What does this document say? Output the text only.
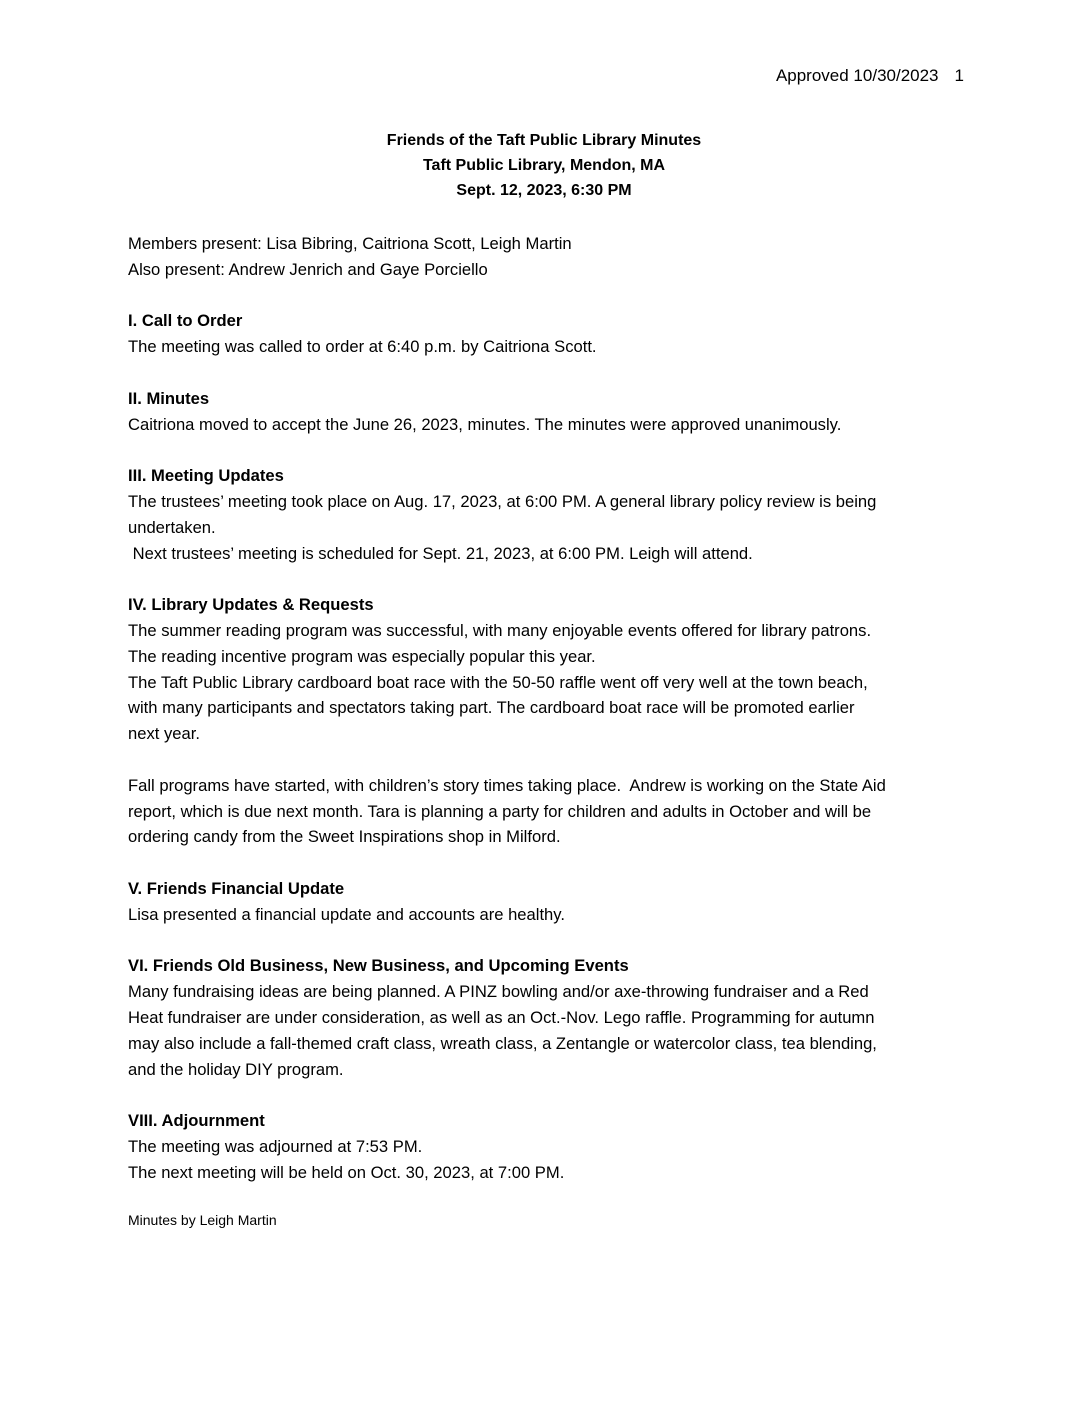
Approved 10/30/2023 1
Friends of the Taft Public Library Minutes
Taft Public Library, Mendon, MA
Sept. 12, 2023, 6:30 PM
Members present: Lisa Bibring, Caitriona Scott, Leigh Martin
Also present: Andrew Jenrich and Gaye Porciello
I. Call to Order
The meeting was called to order at 6:40 p.m. by Caitriona Scott.
II. Minutes
Caitriona moved to accept the June 26, 2023, minutes. The minutes were approved unanimously.
III. Meeting Updates
The trustees’ meeting took place on Aug. 17, 2023, at 6:00 PM. A general library policy review is being
undertaken.
Next trustees’ meeting is scheduled for Sept. 21, 2023, at 6:00 PM. Leigh will attend.
IV. Library Updates & Requests
The summer reading program was successful, with many enjoyable events offered for library patrons.
The reading incentive program was especially popular this year.
The Taft Public Library cardboard boat race with the 50-50 raffle went off very well at the town beach,
with many participants and spectators taking part. The cardboard boat race will be promoted earlier
next year.
Fall programs have started, with children’s story times taking place.  Andrew is working on the State Aid
report, which is due next month. Tara is planning a party for children and adults in October and will be
ordering candy from the Sweet Inspirations shop in Milford.
V. Friends Financial Update
Lisa presented a financial update and accounts are healthy.
VI. Friends Old Business, New Business, and Upcoming Events
Many fundraising ideas are being planned. A PINZ bowling and/or axe-throwing fundraiser and a Red
Heat fundraiser are under consideration, as well as an Oct.-Nov. Lego raffle. Programming for autumn
may also include a fall-themed craft class, wreath class, a Zentangle or watercolor class, tea blending,
and the holiday DIY program.
VIII. Adjournment
The meeting was adjourned at 7:53 PM.
The next meeting will be held on Oct. 30, 2023, at 7:00 PM.
Minutes by Leigh Martin
